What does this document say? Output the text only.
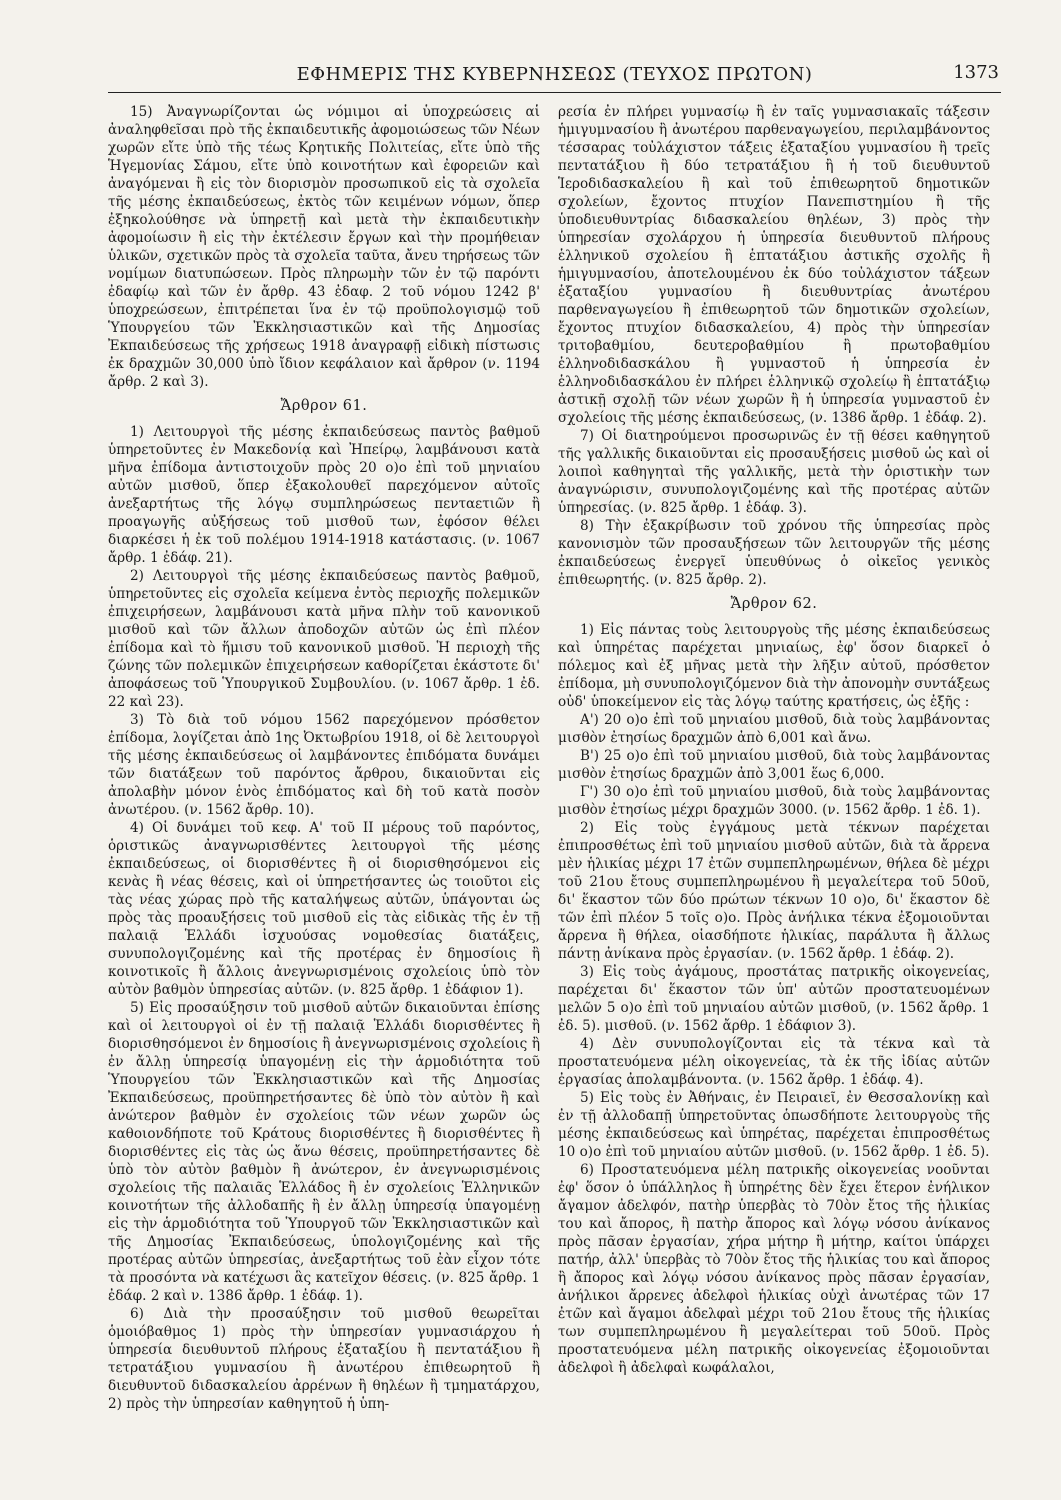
ΕΦΗΜΕΡΙΣ ΤΗΣ ΚΥΒΕΡΝΗΣΕΩΣ (ΤΕΥΧΟΣ ΠΡΩΤΟΝ)	1373

15) Ἀναγνωρίζονται ὡς νόμιμοι αἱ ὑποχρεώσεις αἱ ἀναληφθεῖσαι πρὸ τῆς ἐκπαιδευτικῆς ἀφομοιώσεως τῶν Νέων χωρῶν εἴτε ὑπὸ τῆς τέως Κρητικῆς Πολιτείας, εἴτε ὑπὸ τῆς Ἡγεμονίας Σάμου, εἴτε ὑπὸ κοινοτήτων καὶ ἐφορειῶν καὶ ἀναγόμεναι ἢ εἰς τὸν διορισμὸν προσωπικοῦ εἰς τὰ σχολεῖα τῆς μέσης ἐκπαιδεύσεως, ἐκτὸς τῶν κειμένων νόμων, ὅπερ ἐξηκολούθησε νὰ ὑπηρετῇ καὶ μετὰ τὴν ἐκπαιδευτικὴν ἀφομοίωσιν ἢ εἰς τὴν ἐκτέλεσιν ἔργων καὶ τὴν προμήθειαν ὑλικῶν, σχετικῶν πρὸς τὰ σχολεῖα ταῦτα, ἄνευ τηρήσεως τῶν νομίμων διατυπώσεων. Πρὸς πληρωμὴν τῶν ἐν τῷ παρόντι ἐδαφίῳ καὶ τῶν ἐν ἄρθρ. 43 ἐδαφ. 2 τοῦ νόμου 1242 β' ὑποχρεώσεων, ἐπιτρέπεται ἵνα ἐν τῷ προϋπολογισμῷ τοῦ Ὑπουργείου τῶν Ἐκκλησιαστικῶν καὶ τῆς Δημοσίας Ἐκπαιδεύσεως τῆς χρήσεως 1918 ἀναγραφῇ εἰδικὴ πίστωσις ἐκ δραχμῶν 30,000 ὑπὸ ἴδιον κεφάλαιον καὶ ἄρθρον (ν. 1194 ἄρθρ. 2 καὶ 3).

Ἄρθρον 61.

1) Λειτουργοὶ τῆς μέσης ἐκπαιδεύσεως παντὸς βαθμοῦ ὑπηρετοῦντες ἐν Μακεδονίᾳ καὶ Ἠπείρῳ, λαμβάνουσι κατὰ μῆνα ἐπίδομα ἀντιστοιχοῦν πρὸς 20 ο)ο ἐπὶ τοῦ μηνιαίου αὐτῶν μισθοῦ, ὅπερ ἐξακολουθεῖ παρεχόμενον αὐτοῖς ἀνεξαρτήτως τῆς λόγῳ συμπληρώσεως πενταετιῶν ἢ προαγωγῆς αὐξήσεως τοῦ μισθοῦ των, ἐφόσον θέλει διαρκέσει ἡ ἐκ τοῦ πολέμου 1914-1918 κατάστασις. (ν. 1067 ἄρθρ. 1 ἐδάφ. 21).

2) Λειτουργοὶ τῆς μέσης ἐκπαιδεύσεως παντὸς βαθμοῦ, ὑπηρετοῦντες εἰς σχολεῖα κείμενα ἐντὸς περιοχῆς πολεμικῶν ἐπιχειρήσεων, λαμβάνουσι κατὰ μῆνα πλὴν τοῦ κανονικοῦ μισθοῦ καὶ τῶν ἄλλων ἀποδοχῶν αὐτῶν ὡς ἐπὶ πλέον ἐπίδομα καὶ τὸ ἥμισυ τοῦ κανονικοῦ μισθοῦ. Ἡ περιοχὴ τῆς ζώνης τῶν πολεμικῶν ἐπιχειρήσεων καθορίζεται ἑκάστοτε δι' ἀποφάσεως τοῦ Ὑπουργικοῦ Συμβουλίου. (ν. 1067 ἄρθρ. 1 ἐδ. 22 καὶ 23).

3) Τὸ διὰ τοῦ νόμου 1562 παρεχόμενον πρόσθετον ἐπίδομα, λογίζεται ἀπὸ 1ης Ὀκτωβρίου 1918, οἱ δὲ λειτουργοὶ τῆς μέσης ἐκπαιδεύσεως οἱ λαμβάνοντες ἐπιδόματα δυνάμει τῶν διατάξεων τοῦ παρόντος ἄρθρου, δικαιοῦνται εἰς ἀπολαβὴν μόνον ἑνὸς ἐπιδόματος καὶ δὴ τοῦ κατὰ ποσὸν ἀνωτέρου. (ν. 1562 ἄρθρ. 10).

4) Οἱ δυνάμει τοῦ κεφ. Α' τοῦ ΙΙ μέρους τοῦ παρόντος, ὁριστικῶς ἀναγνωρισθέντες λειτουργοὶ τῆς μέσης ἐκπαιδεύσεως, οἱ διορισθέντες ἢ οἱ διορισθησόμενοι εἰς κενὰς ἢ νέας θέσεις, καὶ οἱ ὑπηρετήσαντες ὡς τοιοῦτοι εἰς τὰς νέας χώρας πρὸ τῆς καταλήψεως αὐτῶν, ὑπάγονται ὡς πρὸς τὰς προαυξήσεις τοῦ μισθοῦ εἰς τὰς εἰδικὰς τῆς ἐν τῇ παλαιᾷ Ἑλλάδι ἰσχυούσας νομοθεσίας διατάξεις, συνυπολογιζομένης καὶ τῆς προτέρας ἐν δημοσίοις ἢ κοινοτικοῖς ἢ ἄλλοις ἀνεγνωρισμένοις σχολείοις ὑπὸ τὸν αὐτὸν βαθμὸν ὑπηρεσίας αὐτῶν. (ν. 825 ἄρθρ. 1 ἐδάφιον 1).

5) Εἰς προσαύξησιν τοῦ μισθοῦ αὐτῶν δικαιοῦνται ἐπίσης καὶ οἱ λειτουργοὶ οἱ ἐν τῇ παλαιᾷ Ἑλλάδι διορισθέντες ἢ διορισθησόμενοι ἐν δημοσίοις ἢ ἀνεγνωρισμένοις σχολείοις ἢ ἐν ἄλλῃ ὑπηρεσίᾳ ὑπαγομένῃ εἰς τὴν ἁρμοδιότητα τοῦ Ὑπουργείου τῶν Ἐκκλησιαστικῶν καὶ τῆς Δημοσίας Ἐκπαιδεύσεως, προϋπηρετήσαντες δὲ ὑπὸ τὸν αὐτὸν ἢ καὶ ἀνώτερον βαθμὸν ἐν σχολείοις τῶν νέων χωρῶν ὡς καθοιονδήποτε τοῦ Κράτους διορισθέντες ἢ διορισθέντες ἢ διορισθέντες εἰς τὰς ὡς ἄνω θέσεις, προϋπηρετήσαντες δὲ ὑπὸ τὸν αὐτὸν βαθμὸν ἢ ἀνώτερον, ἐν ἀνεγνωρισμένοις σχολείοις τῆς παλαιᾶς Ἑλλάδος ἢ ἐν σχολείοις Ἑλληνικῶν κοινοτήτων τῆς ἀλλοδαπῆς ἢ ἐν ἄλλῃ ὑπηρεσίᾳ ὑπαγομένῃ εἰς τὴν ἁρμοδιότητα τοῦ Ὑπουργοῦ τῶν Ἐκκλησιαστικῶν καὶ τῆς Δημοσίας Ἐκπαιδεύσεως, ὑπολογιζομένης καὶ τῆς προτέρας αὐτῶν ὑπηρεσίας, ἀνεξαρτήτως τοῦ ἐὰν εἶχον τότε τὰ προσόντα νὰ κατέχωσι ἃς κατεῖχον θέσεις. (ν. 825 ἄρθρ. 1 ἐδάφ. 2 καὶ ν. 1386 ἄρθρ. 1 ἐδάφ. 1).

6) Διὰ τὴν προσαύξησιν τοῦ μισθοῦ θεωρεῖται ὁμοιόβαθμος 1) πρὸς τὴν ὑπηρεσίαν γυμνασιάρχου ἡ ὑπηρεσία διευθυντοῦ πλήρους ἑξαταξίου ἢ πεντατάξιου ἢ τετρατάξιου γυμνασίου ἢ ἀνωτέρου ἐπιθεωρητοῦ ἢ διευθυντοῦ διδασκαλείου ἀρρένων ἢ θηλέων ἢ τμηματάρχου, 2) πρὸς τὴν ὑπηρεσίαν καθηγητοῦ ἡ ὑπη-

ρεσία ἐν πλήρει γυμνασίῳ ἢ ἐν ταῖς γυμνασιακαῖς τάξεσιν ἡμιγυμνασίου ἢ ἀνωτέρου παρθεναγωγείου, περιλαμβάνοντος τέσσαρας τοὐλάχιστον τάξεις ἑξαταξίου γυμνασίου ἢ τρεῖς πεντατάξιου ἢ δύο τετρατάξιου ἢ ἡ τοῦ διευθυντοῦ Ἱεροδιδασκαλείου ἢ καὶ τοῦ ἐπιθεωρητοῦ δημοτικῶν σχολείων, ἔχοντος πτυχίον Πανεπιστημίου ἢ τῆς ὑποδιευθυντρίας διδασκαλείου θηλέων, 3) πρὸς τὴν ὑπηρεσίαν σχολάρχου ἡ ὑπηρεσία διευθυντοῦ πλήρους ἑλληνικοῦ σχολείου ἢ ἑπτατάξιου ἀστικῆς σχολῆς ἢ ἡμιγυμνασίου, ἀποτελουμένου ἐκ δύο τοὐλάχιστον τάξεων ἑξαταξίου γυμνασίου ἢ διευθυντρίας ἀνωτέρου παρθεναγωγείου ἢ ἐπιθεωρητοῦ τῶν δημοτικῶν σχολείων, ἔχοντος πτυχίον διδασκαλείου, 4) πρὸς τὴν ὑπηρεσίαν τριτοβαθμίου, δευτεροβαθμίου ἢ πρωτοβαθμίου ἑλληνοδιδασκάλου ἢ γυμναστοῦ ἡ ὑπηρεσία ἐν ἑλληνοδιδασκάλου ἐν πλήρει ἑλληνικῷ σχολείῳ ἢ ἑπτατάξιῳ ἀστικῇ σχολῇ τῶν νέων χωρῶν ἢ ἡ ὑπηρεσία γυμναστοῦ ἐν σχολείοις τῆς μέσης ἐκπαιδεύσεως, (ν. 1386 ἄρθρ. 1 ἐδάφ. 2).

7) Οἱ διατηρούμενοι προσωρινῶς ἐν τῇ θέσει καθηγητοῦ τῆς γαλλικῆς δικαιοῦνται εἰς προσαυξήσεις μισθοῦ ὡς καὶ οἱ λοιποὶ καθηγηταὶ τῆς γαλλικῆς, μετὰ τὴν ὁριστικὴν των ἀναγνώρισιν, συνυπολογιζομένης καὶ τῆς προτέρας αὐτῶν ὑπηρεσίας. (ν. 825 ἄρθρ. 1 ἐδάφ. 3).

8) Τὴν ἐξακρίβωσιν τοῦ χρόνου τῆς ὑπηρεσίας πρὸς κανονισμὸν τῶν προσαυξήσεων τῶν λειτουργῶν τῆς μέσης ἐκπαιδεύσεως ἐνεργεῖ ὑπευθύνως ὁ οἰκεῖος γενικὸς ἐπιθεωρητής. (ν. 825 ἄρθρ. 2).

Ἄρθρον 62.

1) Εἰς πάντας τοὺς λειτουργοὺς τῆς μέσης ἐκπαιδεύσεως καὶ ὑπηρέτας παρέχεται μηνιαίως, ἐφ' ὅσον διαρκεῖ ὁ πόλεμος καὶ ἐξ μῆνας μετὰ τὴν λῆξιν αὐτοῦ, πρόσθετον ἐπίδομα, μὴ συνυπολογιζόμενον διὰ τὴν ἀπονομὴν συντάξεως οὐδ' ὑποκείμενον εἰς τὰς λόγῳ ταύτης κρατήσεις, ὡς ἑξῆς :

Α') 20 ο)ο ἐπὶ τοῦ μηνιαίου μισθοῦ, διὰ τοὺς λαμβάνοντας μισθὸν ἐτησίως δραχμῶν ἀπὸ 6,001 καὶ ἄνω.

Β') 25 ο)ο ἐπὶ τοῦ μηνιαίου μισθοῦ, διὰ τοὺς λαμβάνοντας μισθὸν ἐτησίως δραχμῶν ἀπὸ 3,001 ἕως 6,000.

Γ') 30 ο)ο ἐπὶ τοῦ μηνιαίου μισθοῦ, διὰ τοὺς λαμβάνοντας μισθὸν ἐτησίως μέχρι δραχμῶν 3000. (ν. 1562 ἄρθρ. 1 ἐδ. 1).

2) Εἰς τοὺς ἐγγάμους μετὰ τέκνων παρέχεται ἐπιπροσθέτως ἐπὶ τοῦ μηνιαίου μισθοῦ αὐτῶν, διὰ τὰ ἄρρενα μὲν ἡλικίας μέχρι 17 ἐτῶν συμπεπληρωμένων, θήλεα δὲ μέχρι τοῦ 21ου ἔτους συμπεπληρωμένου ἢ μεγαλείτερα τοῦ 50οῦ, δι' ἕκαστον τῶν δύο πρώτων τέκνων 10 ο)ο, δι' ἕκαστον δὲ τῶν ἐπὶ πλέον 5 τοῖς ο)ο. Πρὸς ἀνήλικα τέκνα ἐξομοιοῦνται ἄρρενα ἢ θήλεα, οἱασδήποτε ἡλικίας, παράλυτα ἢ ἄλλως πάντῃ ἀνίκανα πρὸς ἐργασίαν. (ν. 1562 ἄρθρ. 1 ἐδάφ. 2).

3) Εἰς τοὺς ἀγάμους, προστάτας πατρικῆς οἰκογενείας, παρέχεται δι' ἕκαστον τῶν ὑπ' αὐτῶν προστατευομένων μελῶν 5 ο)ο ἐπὶ τοῦ μηνιαίου αὐτῶν μισθοῦ, (ν. 1562 ἄρθρ. 1 ἐδ. 5). μισθοῦ. (ν. 1562 ἄρθρ. 1 ἐδάφιον 3).

4) Δὲν συνυπολογίζονται εἰς τὰ τέκνα καὶ τὰ προστατευόμενα μέλη οἰκογενείας, τὰ ἐκ τῆς ἰδίας αὐτῶν ἐργασίας ἀπολαμβάνοντα. (ν. 1562 ἄρθρ. 1 ἐδάφ. 4).

5) Εἰς τοὺς ἐν Ἀθήναις, ἐν Πειραιεῖ, ἐν Θεσσαλονίκῃ καὶ ἐν τῇ ἀλλοδαπῇ ὑπηρετοῦντας ὁπωσδήποτε λειτουργοὺς τῆς μέσης ἐκπαιδεύσεως καὶ ὑπηρέτας, παρέχεται ἐπιπροσθέτως 10 ο)ο ἐπὶ τοῦ μηνιαίου αὐτῶν μισθοῦ. (ν. 1562 ἄρθρ. 1 ἐδ. 5).

6) Προστατευόμενα μέλη πατρικῆς οἰκογενείας νοοῦνται ἐφ' ὅσον ὁ ὑπάλληλος ἢ ὑπηρέτης δὲν ἔχει ἕτερον ἐνήλικον ἄγαμον ἀδελφόν, πατὴρ ὑπερβὰς τὸ 70ὸν ἔτος τῆς ἡλικίας του καὶ ἄπορος, ἢ πατὴρ ἄπορος καὶ λόγῳ νόσου ἀνίκανος πρὸς πᾶσαν ἐργασίαν, χήρα μήτηρ ἢ μήτηρ, καίτοι ὑπάρχει πατήρ, ἀλλ' ὑπερβὰς τὸ 70ὸν ἔτος τῆς ἡλικίας του καὶ ἄπορος ἢ ἄπορος καὶ λόγῳ νόσου ἀνίκανος πρὸς πᾶσαν ἐργασίαν, ἀνήλικοι ἄρρενες ἀδελφοὶ ἡλικίας οὐχὶ ἀνωτέρας τῶν 17 ἐτῶν καὶ ἄγαμοι ἀδελφαὶ μέχρι τοῦ 21ου ἔτους τῆς ἡλικίας των συμπεπληρωμένου ἢ μεγαλείτεραι τοῦ 50οῦ. Πρὸς προστατευόμενα μέλη πατρικῆς οἰκογενείας ἐξομοιοῦνται ἀδελφοὶ ἢ ἀδελφαὶ κωφάλαλοι,
